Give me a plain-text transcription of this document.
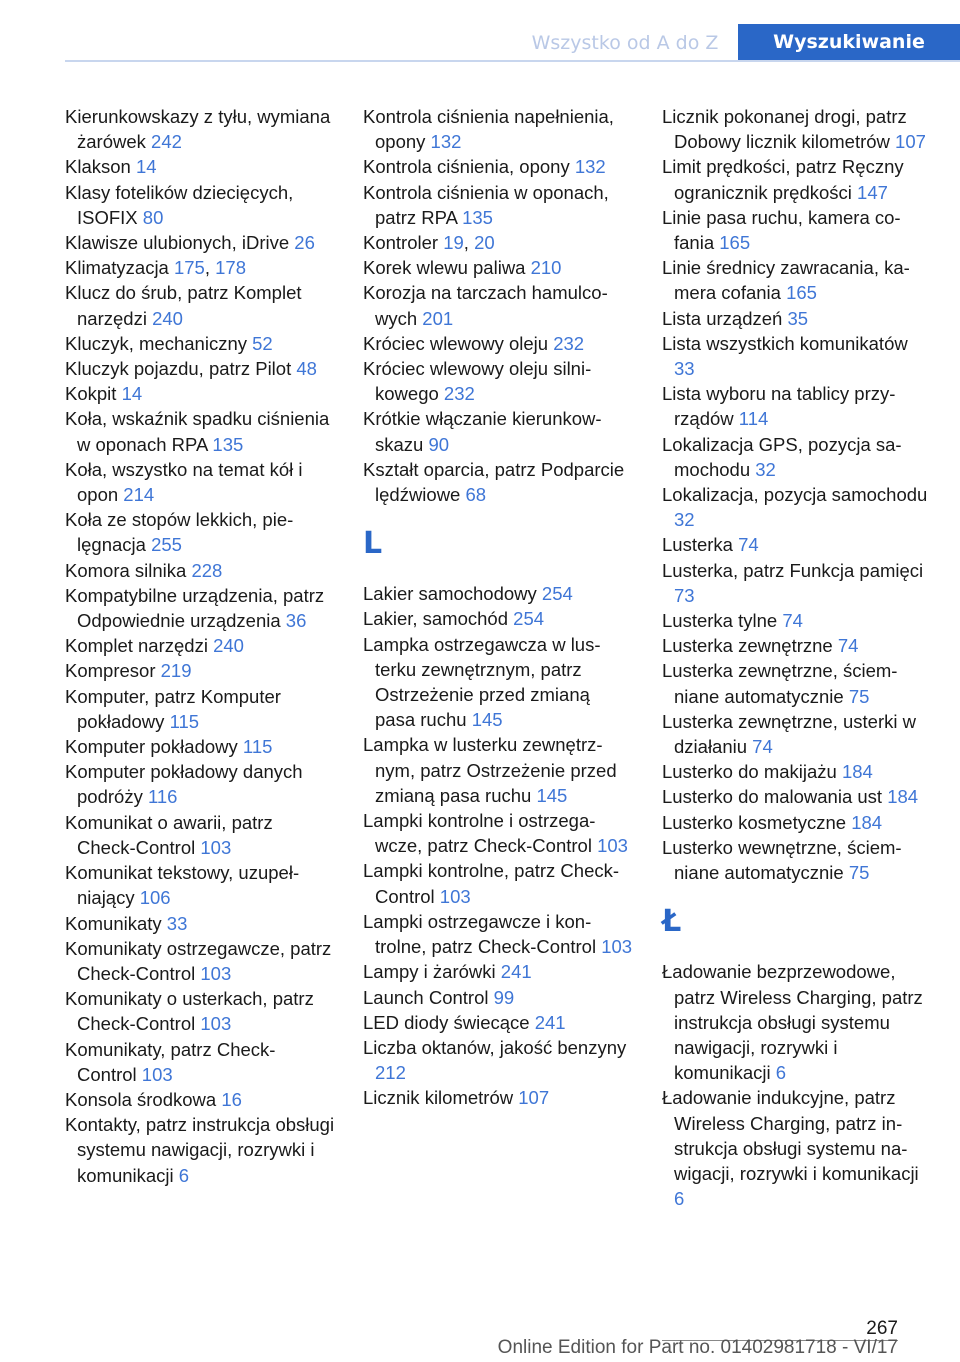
Wszystko od A do Z	Wyszukiwanie
Kierunkowskazy z tyłu, wymiana żarówek 242
Klakson 14
Klasy fotelików dziecięcych, ISOFIX 80
Klawisze ulubionych, iDrive 26
Klimatyzacja 175, 178
Klucz do śrub, patrz Komplet narzędzi 240
Kluczyk, mechaniczny 52
Kluczyk pojazdu, patrz Pilot 48
Kokpit 14
Koła, wskaźnik spadku ciśnienia w oponach RPA 135
Koła, wszystko na temat kół i opon 214
Koła ze stopów lekkich, pielęgnacja 255
Komora silnika 228
Kompatybilne urządzenia, patrz Odpowiednie urządzenia 36
Komplet narzędzi 240
Kompresor 219
Komputer, patrz Komputer pokładowy 115
Komputer pokładowy 115
Komputer pokładowy danych podróży 116
Komunikat o awarii, patrz Check-Control 103
Komunikat tekstowy, uzupełniający 106
Komunikaty 33
Komunikaty ostrzegawcze, patrz Check-Control 103
Komunikaty o usterkach, patrz Check-Control 103
Komunikaty, patrz Check-Control 103
Konsola środkowa 16
Kontakty, patrz instrukcja obsługi systemu nawigacji, rozrywki i komunikacji 6
Kontrola ciśnienia napełnienia, opony 132
Kontrola ciśnienia, opony 132
Kontrola ciśnienia w oponach, patrz RPA 135
Kontroler 19, 20
Korek wlewu paliwa 210
Korozja na tarczach hamulcowych 201
Króciec wlewowy oleju 232
Króciec wlewowy oleju silnikowego 232
Krótkie włączanie kierunkowskazu 90
Kształt oparcia, patrz Podparcie lędźwiowe 68
L
Lakier samochodowy 254
Lakier, samochód 254
Lampka ostrzegawcza w lusterku zewnętrznym, patrz Ostrzeżenie przed zmianą pasa ruchu 145
Lampka w lusterku zewnętrznym, patrz Ostrzeżenie przed zmianą pasa ruchu 145
Lampki kontrolne i ostrzegawcze, patrz Check-Control 103
Lampki kontrolne, patrz Check-Control 103
Lampki ostrzegawcze i kontrolne, patrz Check-Control 103
Lampy i żarówki 241
Launch Control 99
LED diody świecące 241
Liczba oktanów, jakość benzyny 212
Licznik kilometrów 107
Licznik pokonanej drogi, patrz Dobowy licznik kilometrów 107
Limit prędkości, patrz Ręczny ogranicznik prędkości 147
Linie pasa ruchu, kamera cofania 165
Linie średnicy zawracania, kamera cofania 165
Lista urządzeń 35
Lista wszystkich komunikatów 33
Lista wyboru na tablicy przyrządów 114
Lokalizacja GPS, pozycja samochodu 32
Lokalizacja, pozycja samochodu 32
Lusterka 74
Lusterka, patrz Funkcja pamięci 73
Lusterka tylne 74
Lusterka zewnętrzne 74
Lusterka zewnętrzne, ściemniane automatycznie 75
Lusterka zewnętrzne, usterki w działaniu 74
Lusterko do makijażu 184
Lusterko do malowania ust 184
Lusterko kosmetyczne 184
Lusterko wewnętrzne, ściemniane automatycznie 75
Ł
Ładowanie bezprzewodowe, patrz Wireless Charging, patrz instrukcja obsługi systemu nawigacji, rozrywki i komunikacji 6
Ładowanie indukcyjne, patrz Wireless Charging, patrz instrukcja obsługi systemu nawigacji, rozrywki i komunikacji 6
267
Online Edition for Part no. 01402981718 - VI/17
